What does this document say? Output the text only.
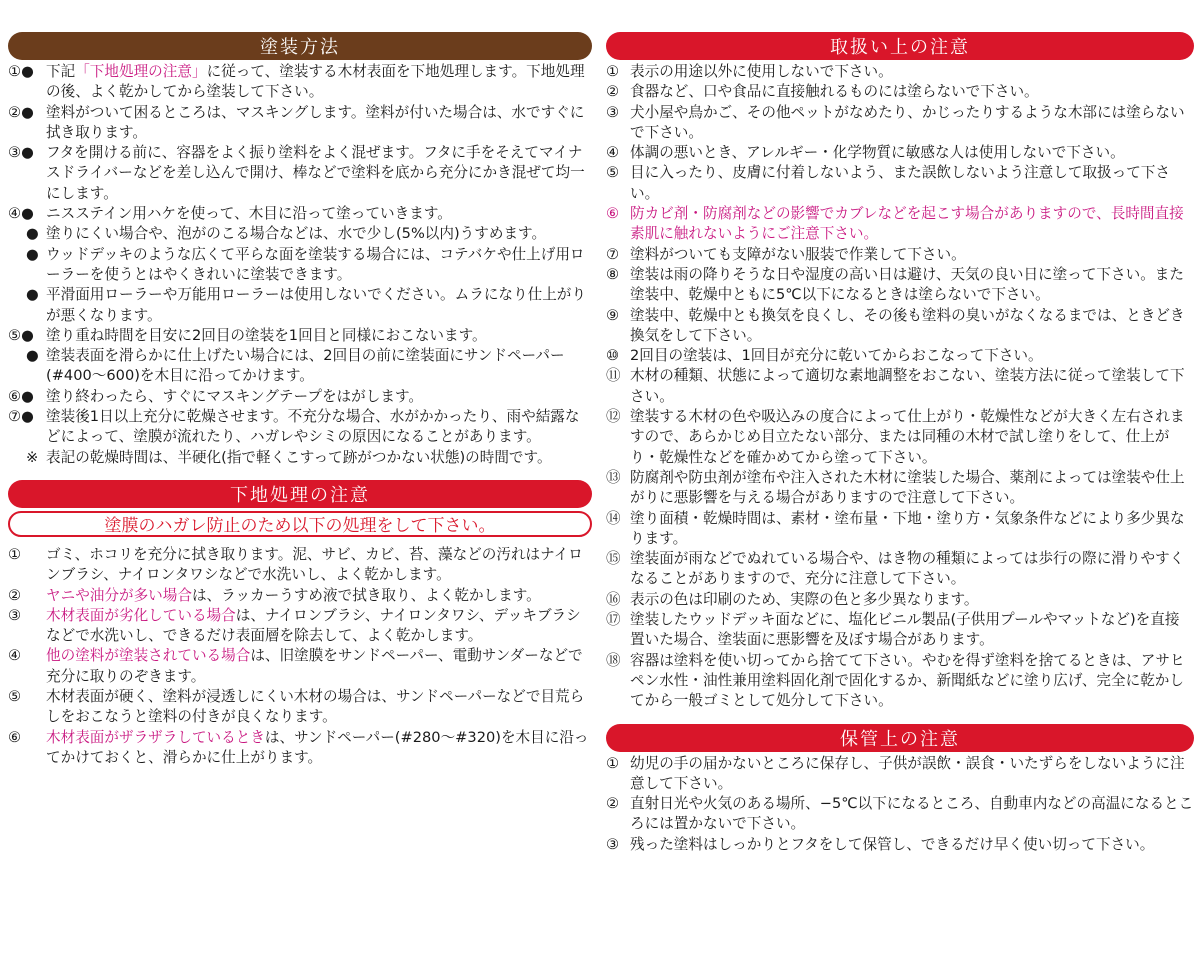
塗装方法
①● 下記「下地処理の注意」に従って、塗装する木材表面を下地処理します。下地処理の後、よく乾かしてから塗装して下さい。
②● 塗料がついて困るところは、マスキングします。塗料が付いた場合は、水ですぐに拭き取ります。
③● フタを開ける前に、容器をよく振り塗料をよく混ぜます。フタに手をそえてマイナスドライバーなどを差し込んで開け、棒などで塗料を底から充分にかき混ぜて均一にします。
④● ニスステイン用ハケを使って、木目に沿って塗っていきます。
● 塗りにくい場合や、泡がのこる場合などは、水で少し(5%以内)うすめます。
● ウッドデッキのような広くて平らな面を塗装する場合には、コテバケや仕上げ用ローラーを使うとはやくきれいに塗装できます。
● 平滑面用ローラーや万能用ローラーは使用しないでください。ムラになり仕上がりが悪くなります。
⑤● 塗り重ね時間を目安に2回目の塗装を1回目と同様におこないます。
● 塗装表面を滑らかに仕上げたい場合には、2回目の前に塗装面にサンドペーパー(#400〜600)を木目に沿ってかけます。
⑥● 塗り終わったら、すぐにマスキングテープをはがします。
⑦● 塗装後1日以上充分に乾燥させます。不充分な場合、水がかかったり、雨や結露などによって、塗膜が流れたり、ハガレやシミの原因になることがあります。
※ 表記の乾燥時間は、半硬化(指で軽くこすって跡がつかない状態)の時間です。
下地処理の注意
塗膜のハガレ防止のため以下の処理をして下さい。
①	ゴミ、ホコリを充分に拭き取ります。泥、サビ、カビ、苔、藻などの汚れはナイロンブラシ、ナイロンタワシなどで水洗いし、よく乾かします。
②	ヤニや油分が多い場合は、ラッカーうすめ液で拭き取り、よく乾かします。
③	木材表面が劣化している場合は、ナイロンブラシ、ナイロンタワシ、デッキブラシなどで水洗いし、できるだけ表面層を除去して、よく乾かします。
④	他の塗料が塗装されている場合は、旧塗膜をサンドペーパー、電動サンダーなどで充分に取りのぞきます。
⑤	木材表面が硬く、塗料が浸透しにくい木材の場合は、サンドペーパーなどで目荒らしをおこなうと塗料の付きが良くなります。
⑥	木材表面がザラザラしているときは、サンドペーパー(#280〜#320)を木目に沿ってかけておくと、滑らかに仕上がります。
取扱い上の注意
① 表示の用途以外に使用しないで下さい。
② 食器など、口や食品に直接触れるものには塗らないで下さい。
③ 犬小屋や鳥かご、その他ペットがなめたり、かじったりするような木部には塗らないで下さい。
④ 体調の悪いとき、アレルギー・化学物質に敏感な人は使用しないで下さい。
⑤ 目に入ったり、皮膚に付着しないよう、また誤飲しないよう注意して取扱って下さい。
⑥ 防カビ剤・防腐剤などの影響でカブレなどを起こす場合がありますので、長時間直接素肌に触れないようにご注意下さい。
⑦ 塗料がついても支障がない服装で作業して下さい。
⑧ 塗装は雨の降りそうな日や湿度の高い日は避け、天気の良い日に塗って下さい。また塗装中、乾燥中ともに5℃以下になるときは塗らないで下さい。
⑨ 塗装中、乾燥中とも換気を良くし、その後も塗料の臭いがなくなるまでは、ときどき換気をして下さい。
⑩ 2回目の塗装は、1回目が充分に乾いてからおこなって下さい。
⑪ 木材の種類、状態によって適切な素地調整をおこない、塗装方法に従って塗装して下さい。
⑫ 塗装する木材の色や吸込みの度合によって仕上がり・乾燥性などが大きく左右されますので、あらかじめ目立たない部分、または同種の木材で試し塗りをして、仕上がり・乾燥性などを確かめてから塗って下さい。
⑬ 防腐剤や防虫剤が塗布や注入された木材に塗装した場合、薬剤によっては塗装や仕上がりに悪影響を与える場合がありますので注意して下さい。
⑭ 塗り面積・乾燥時間は、素材・塗布量・下地・塗り方・気象条件などにより多少異なります。
⑮ 塗装面が雨などでぬれている場合や、はき物の種類によっては歩行の際に滑りやすくなることがありますので、充分に注意して下さい。
⑯ 表示の色は印刷のため、実際の色と多少異なります。
⑰ 塗装したウッドデッキ面などに、塩化ビニル製品(子供用プールやマットなど)を直接置いた場合、塗装面に悪影響を及ぼす場合があります。
⑱ 容器は塗料を使い切ってから捨てて下さい。やむを得ず塗料を捨てるときは、アサヒペン水性・油性兼用塗料固化剤で固化するか、新聞紙などに塗り広げ、完全に乾かしてから一般ゴミとして処分して下さい。
保管上の注意
① 幼児の手の届かないところに保存し、子供が誤飲・誤食・いたずらをしないように注意して下さい。
② 直射日光や火気のある場所、−5℃以下になるところ、自動車内などの高温になるところには置かないで下さい。
③ 残った塗料はしっかりとフタをして保管し、できるだけ早く使い切って下さい。
